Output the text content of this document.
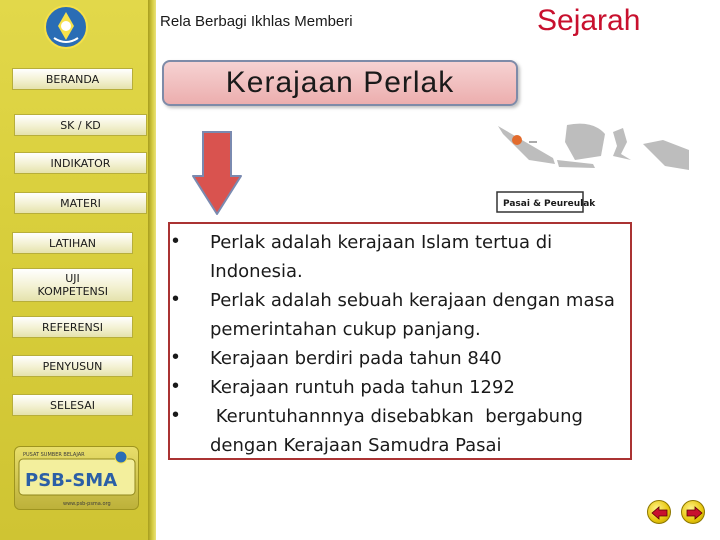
BERANDA
SK / KD
INDIKATOR
MATERI
LATIHAN
UJI KOMPETENSI
REFERENSI
PENYUSUN
SELESAI
PUSAT SUMBER BELAJAR
PSB-SMA
www.psb-psma.org
Rela Berbagi Ikhlas Memberi	Sejarah
Kerajaan Perlak
Pasai & Peureulak
• Perlak adalah kerajaan Islam tertua di Indonesia.
• Perlak adalah sebuah kerajaan dengan masa pemerintahan cukup panjang.
• Kerajaan berdiri pada tahun 840
• Kerajaan runtuh pada tahun 1292
• Keruntuhannnya disebabkan  bergabung dengan Kerajaan Samudra Pasai
